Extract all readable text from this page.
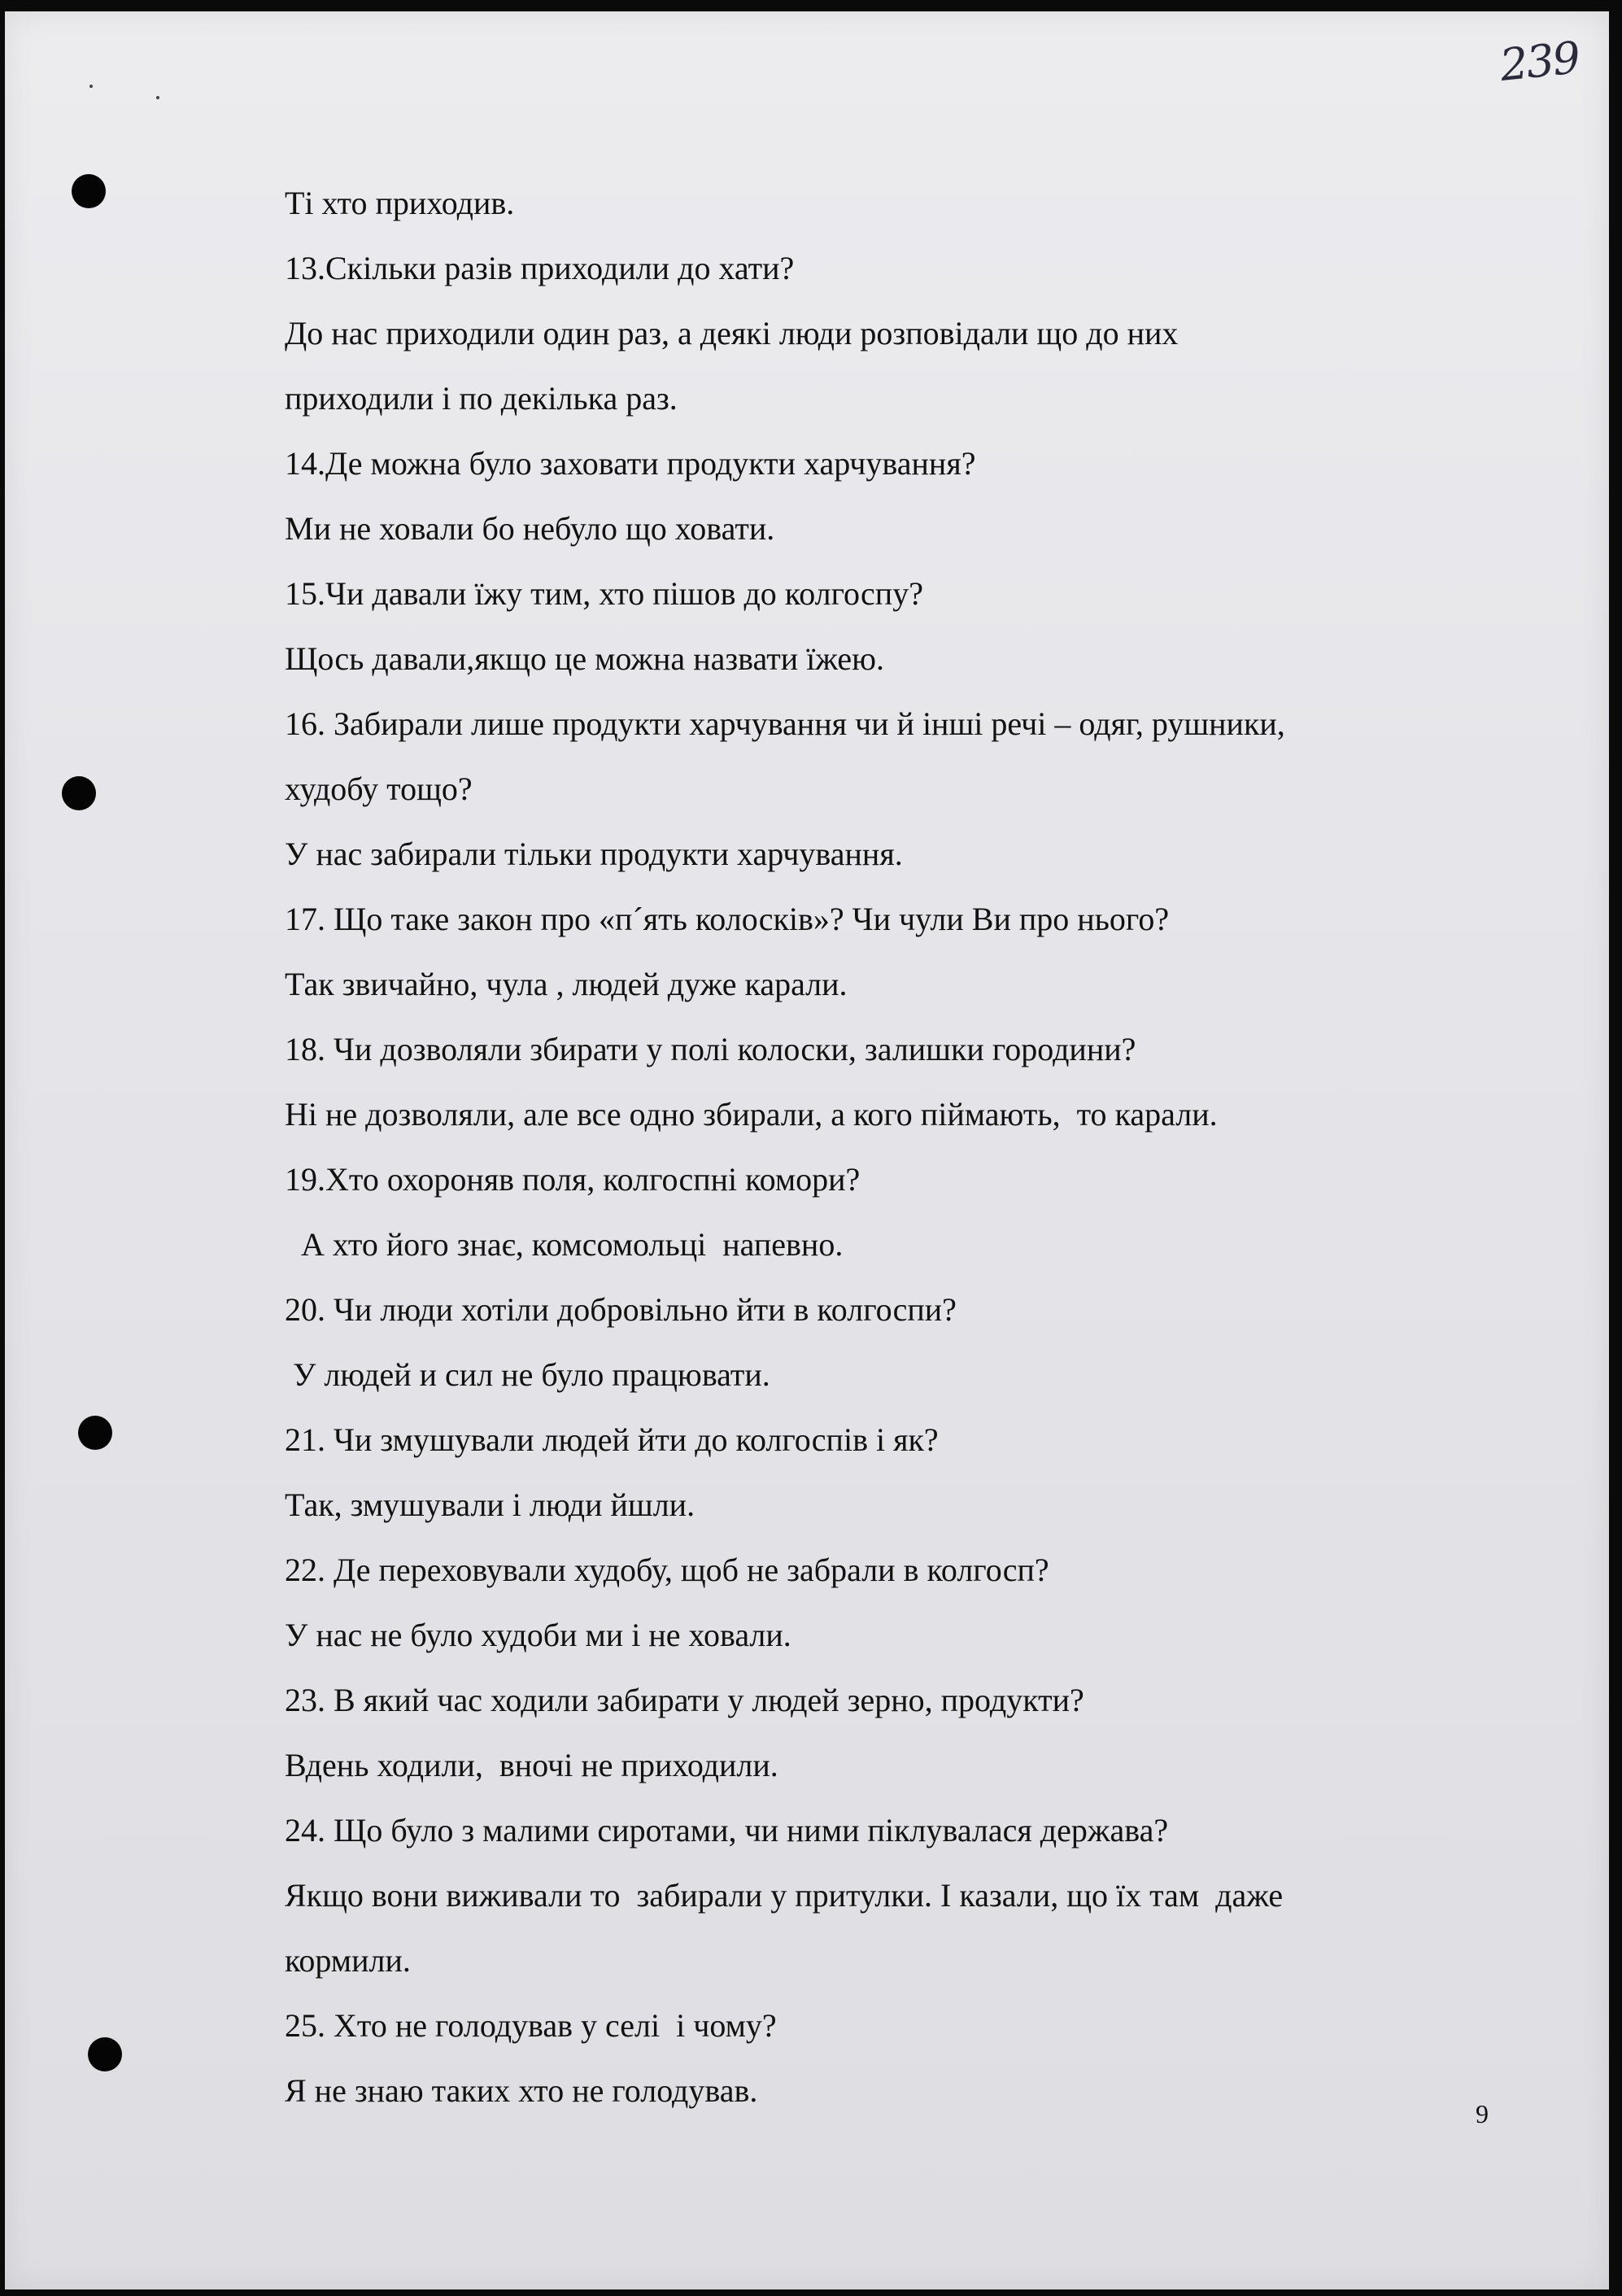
239
Ті хто приходив.
13.Скільки разів приходили до хати?
До нас приходили один раз, а деякі люди розповідали що до них
приходили і по декілька раз.
14.Де можна було заховати продукти харчування?
Ми не ховали бо небуло що ховати.
15.Чи давали їжу тим, хто пішов до колгоспу?
Щось давали,якщо це можна назвати їжею.
16. Забирали лише продукти харчування чи й інші речі – одяг, рушники,
худобу тощо?
У нас забирали тільки продукти харчування.
17. Що таке закон про «п´ять колосків»? Чи чули Ви про нього?
Так звичайно, чула , людей дуже карали.
18. Чи дозволяли збирати у полі колоски, залишки городини?
Ні не дозволяли, але все одно збирали, а кого піймають,  то карали.
19.Хто охороняв поля, колгоспні комори?
А хто його знає, комсомольці  напевно.
20. Чи люди хотіли добровільно йти в колгоспи?
У людей и сил не було працювати.
21. Чи змушували людей йти до колгоспів і як?
Так, змушували і люди йшли.
22. Де переховували худобу, щоб не забрали в колгосп?
У нас не було худоби ми і не ховали.
23. В який час ходили забирати у людей зерно, продукти?
Вдень ходили,  вночі не приходили.
24. Що було з малими сиротами, чи ними піклувалася держава?
Якщо вони виживали то  забирали у притулки. І казали, що їх там  даже
кормили.
25. Хто не голодував у селі  і чому?
Я не знаю таких хто не голодував.
9
